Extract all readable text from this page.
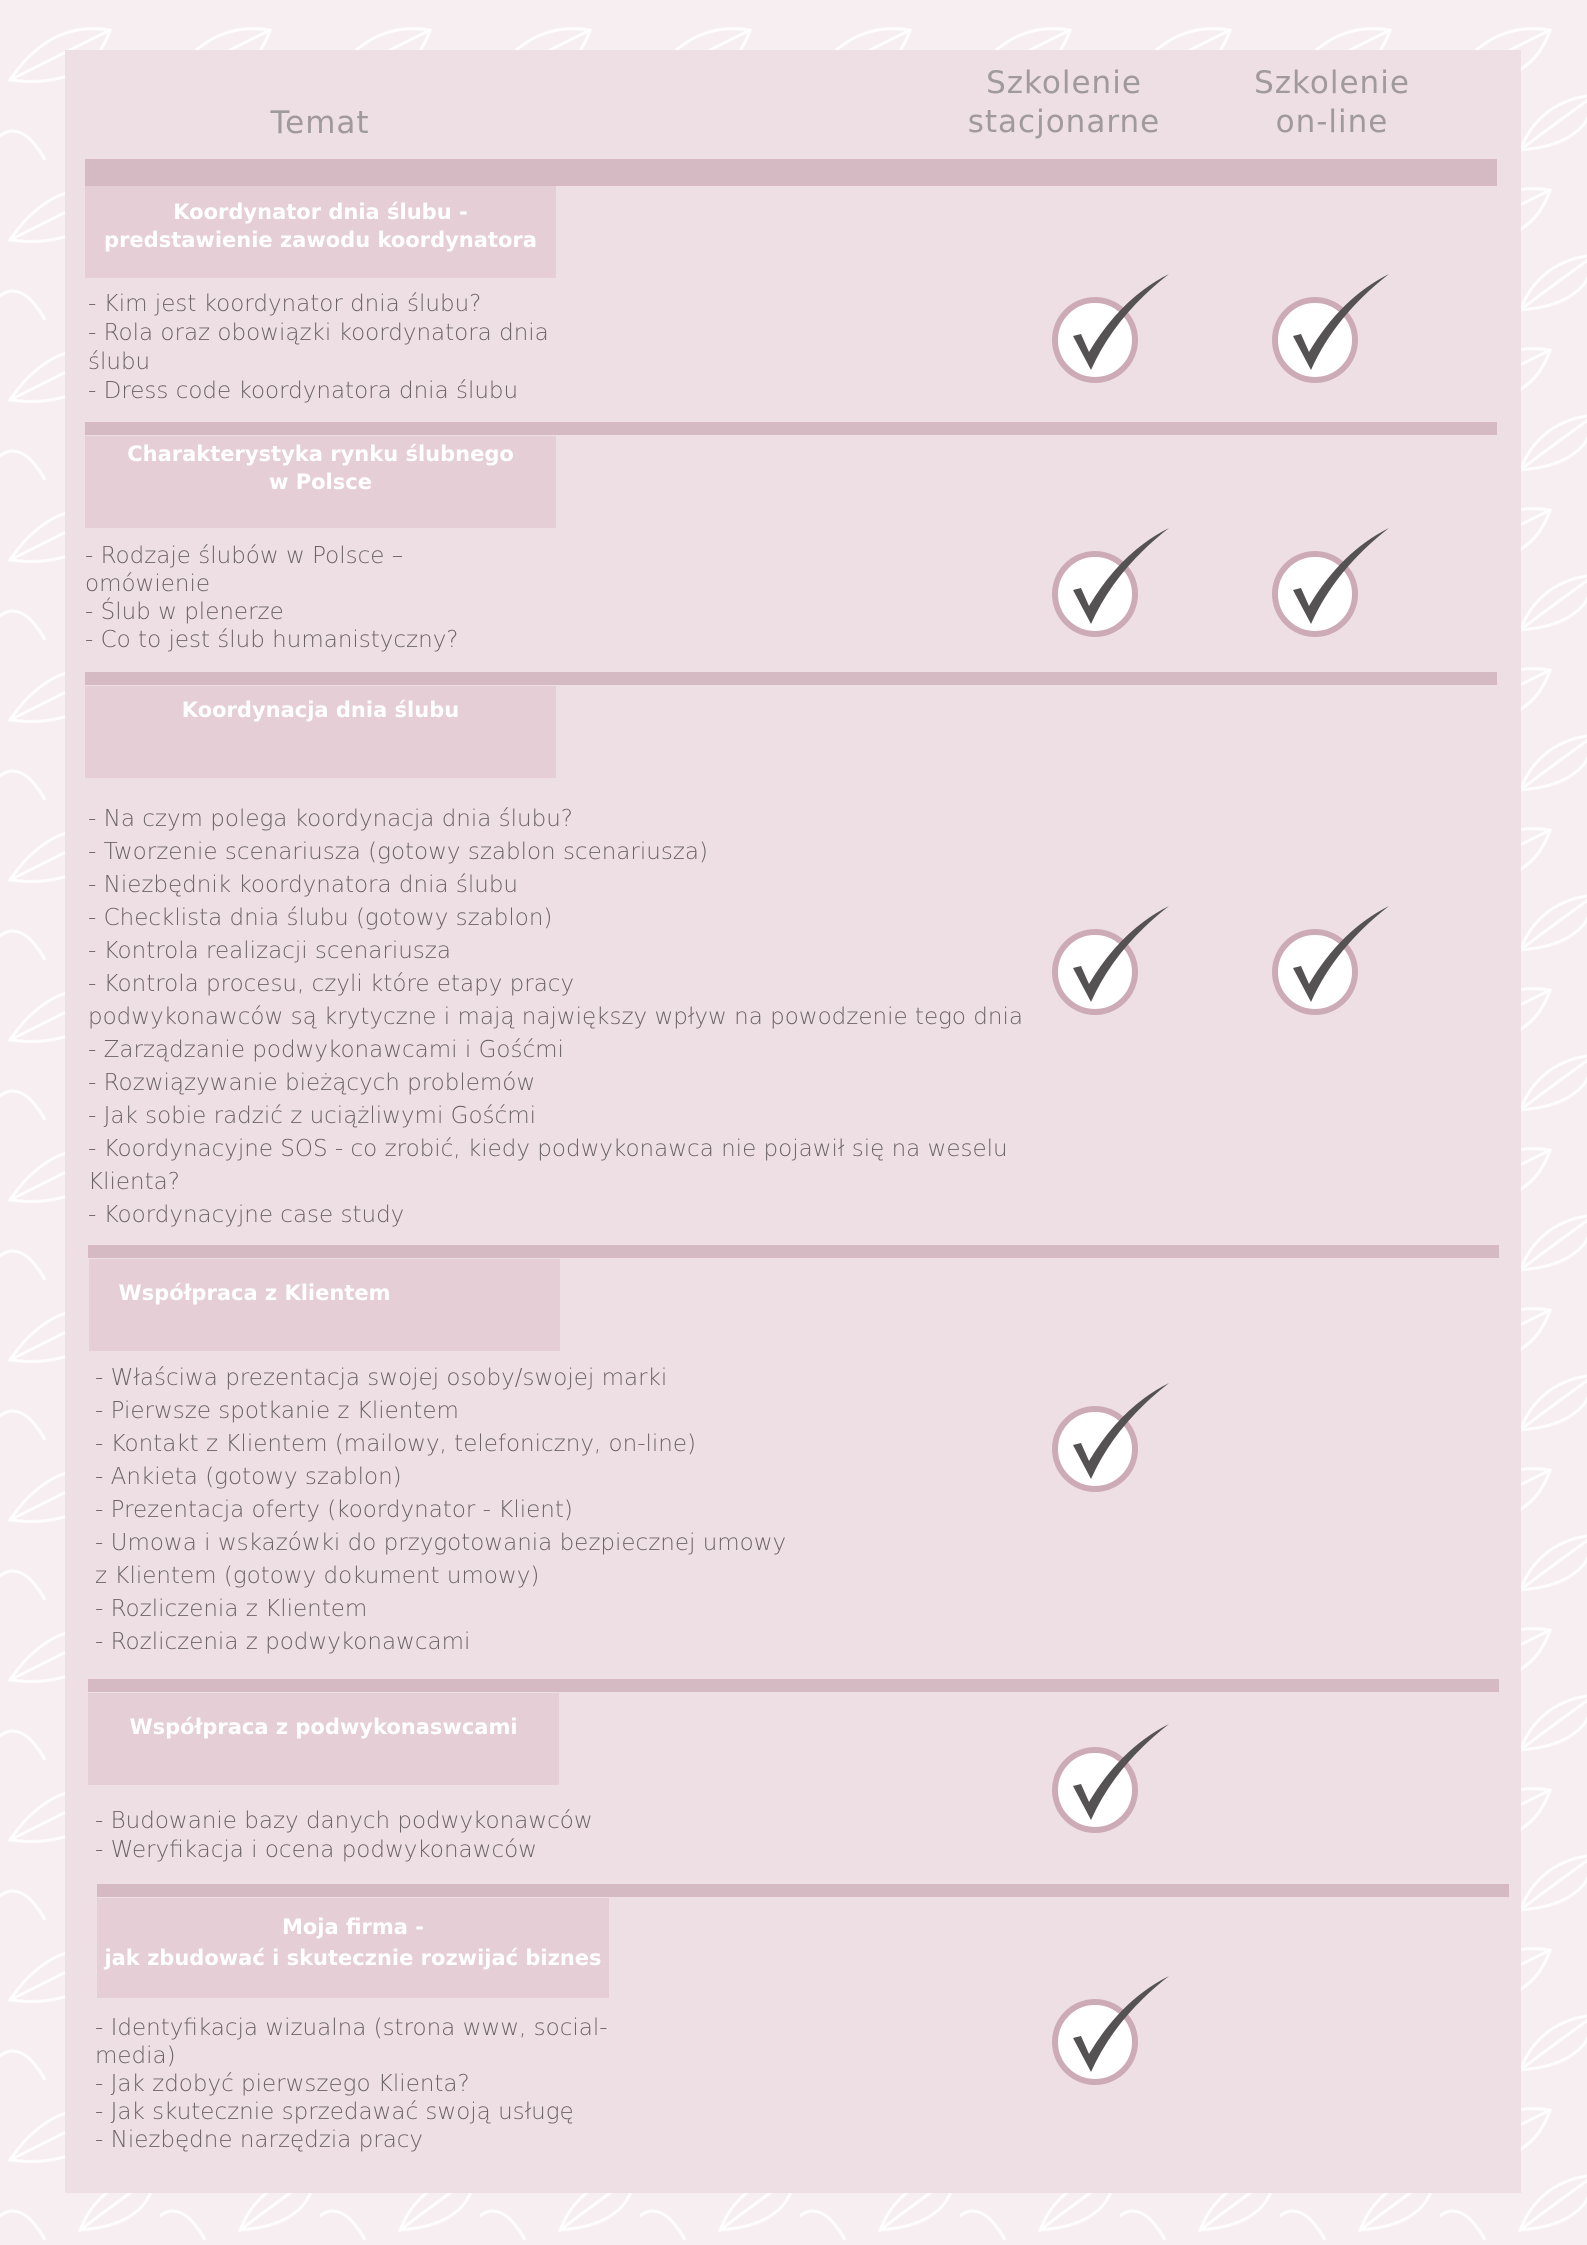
Temat
Szkolenie
stacjonarne
Szkolenie
on-line
Koordynator dnia ślubu -
predstawienie zawodu koordynatora
- Kim jest koordynator dnia ślubu?
- Rola oraz obowiązki koordynatora dnia
ślubu
- Dress code koordynatora dnia ślubu
Charakterystyka rynku ślubnego
w Polsce
- Rodzaje ślubów w Polsce –
omówienie
- Ślub w plenerze
- Co to jest ślub humanistyczny?
Koordynacja dnia ślubu
- Na czym polega koordynacja dnia ślubu?
- Tworzenie scenariusza (gotowy szablon scenariusza)
- Niezbędnik koordynatora dnia ślubu
- Checklista dnia ślubu (gotowy szablon)
- Kontrola realizacji scenariusza
- Kontrola procesu, czyli które etapy pracy
podwykonawców są krytyczne i mają największy wpływ na powodzenie tego dnia
- Zarządzanie podwykonawcami i Gośćmi
- Rozwiązywanie bieżących problemów
- Jak sobie radzić z uciążliwymi Gośćmi
- Koordynacyjne SOS - co zrobić, kiedy podwykonawca nie pojawił się na weselu
Klienta?
- Koordynacyjne case study
Współpraca z Klientem
- Właściwa prezentacja swojej osoby/swojej marki
- Pierwsze spotkanie z Klientem
- Kontakt z Klientem (mailowy, telefoniczny, on-line)
- Ankieta (gotowy szablon)
- Prezentacja oferty (koordynator - Klient)
- Umowa i wskazówki do przygotowania bezpiecznej umowy
z Klientem (gotowy dokument umowy)
- Rozliczenia z Klientem
- Rozliczenia z podwykonawcami
Współpraca z podwykonaswcami
- Budowanie bazy danych podwykonawców
- Weryfikacja i ocena podwykonawców
Moja firma -
jak zbudować i skutecznie rozwijać biznes
- Identyfikacja wizualna (strona www, social-
media)
- Jak zdobyć pierwszego Klienta?
- Jak skutecznie sprzedawać swoją usługę
- Niezbędne narzędzia pracy
